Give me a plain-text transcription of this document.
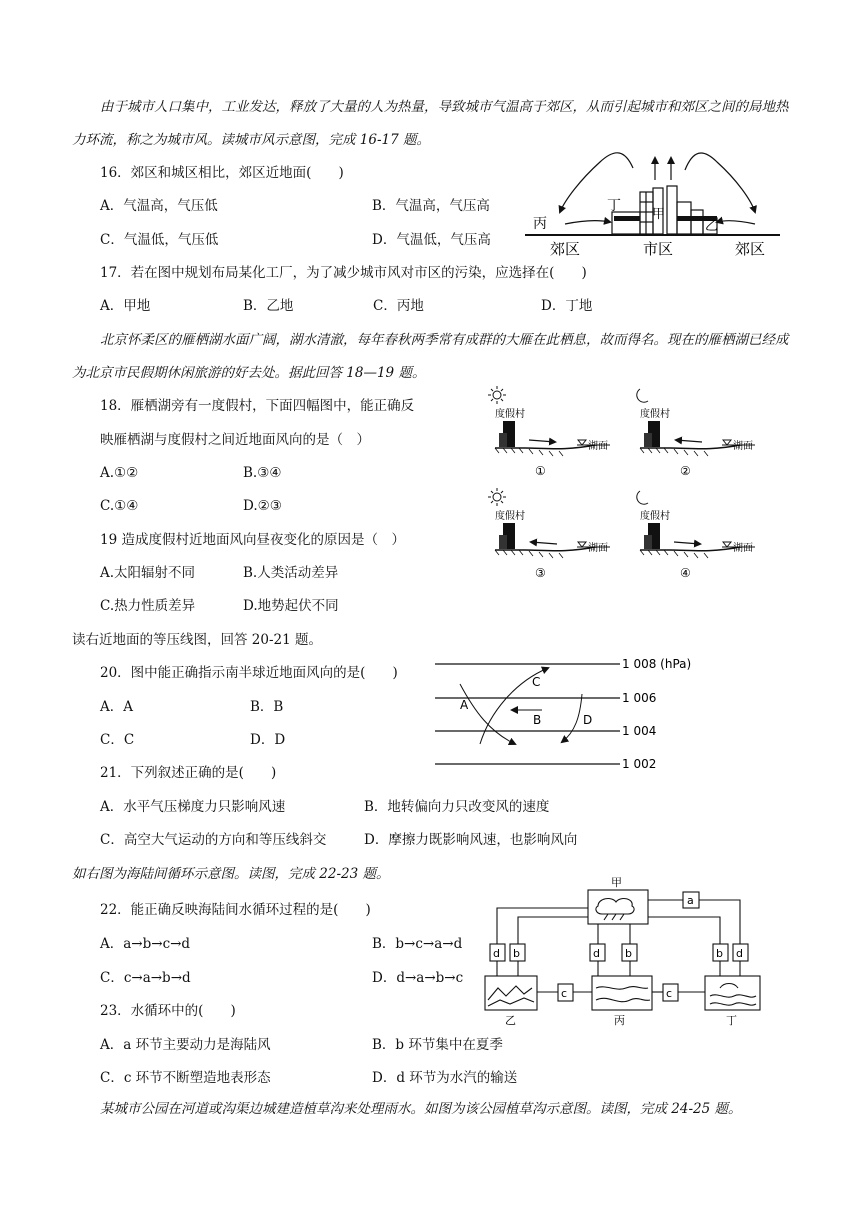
由于城市人口集中，工业发达，释放了大量的人为热量，导致城市气温高于郊区，从而引起城市和郊区之间的局地热
力环流，称之为城市风。读城市风示意图，完成 16-17 题。
16．郊区和城区相比，郊区近地面(　　)
A．气温高，气压低	B．气温高，气压高
C．气温低，气压低	D．气温低，气压高
17．若在图中规划布局某化工厂，为了减少城市风对市区的污染，应选择在(　　)
A．甲地	B．乙地	C．丙地	D．丁地
丙
丁
甲
乙
郊区	市区	郊区
北京怀柔区的雁栖湖水面广阔，湖水清澈，每年春秋两季常有成群的大雁在此栖息，故而得名。现在的雁栖湖已经成
为北京市民假期休闲旅游的好去处。据此回答 18—19 题。
18．雁栖湖旁有一度假村，下面四幅图中，能正确反
映雁栖湖与度假村之间近地面风向的是（　）
A.①②	B.③④
C.①④	D.②③
19 造成度假村近地面风向昼夜变化的原因是（　）
A.太阳辐射不同	B.人类活动差异
C.热力性质差异	D.地势起伏不同
度假村
湖面
①
度假村
湖面
②
度假村
湖面
③
度假村
湖面
④
读右近地面的等压线图，回答 20-21 题。
20．图中能正确指示南半球近地面风向的是(　　)
A．A	B．B
C．C	D．D
21．下列叙述正确的是(　　)
A．水平气压梯度力只影响风速	B．地转偏向力只改变风的速度
C．高空大气运动的方向和等压线斜交	D．摩擦力既影响风速，也影响风向
1 008 (hPa)
1 006
1 004
1 002
A
B
C
D
如右图为海陆间循环示意图。读图，完成 22-23 题。
22．能正确反映海陆间水循环过程的是(　　)
A．a→b→c→d	B．b→c→a→d
C．c→a→b→d	D．d→a→b→c
23．水循环中的(　　)
A．a 环节主要动力是海陆风	B．b 环节集中在夏季
C．c 环节不断塑造地表形态	D．d 环节为水汽的输送
甲
乙	丙	丁
a
d b	d b	b d
c	c
某城市公园在河道或沟渠边城建造植草沟来处理雨水。如图为该公园植草沟示意图。读图，完成 24-25 题。
